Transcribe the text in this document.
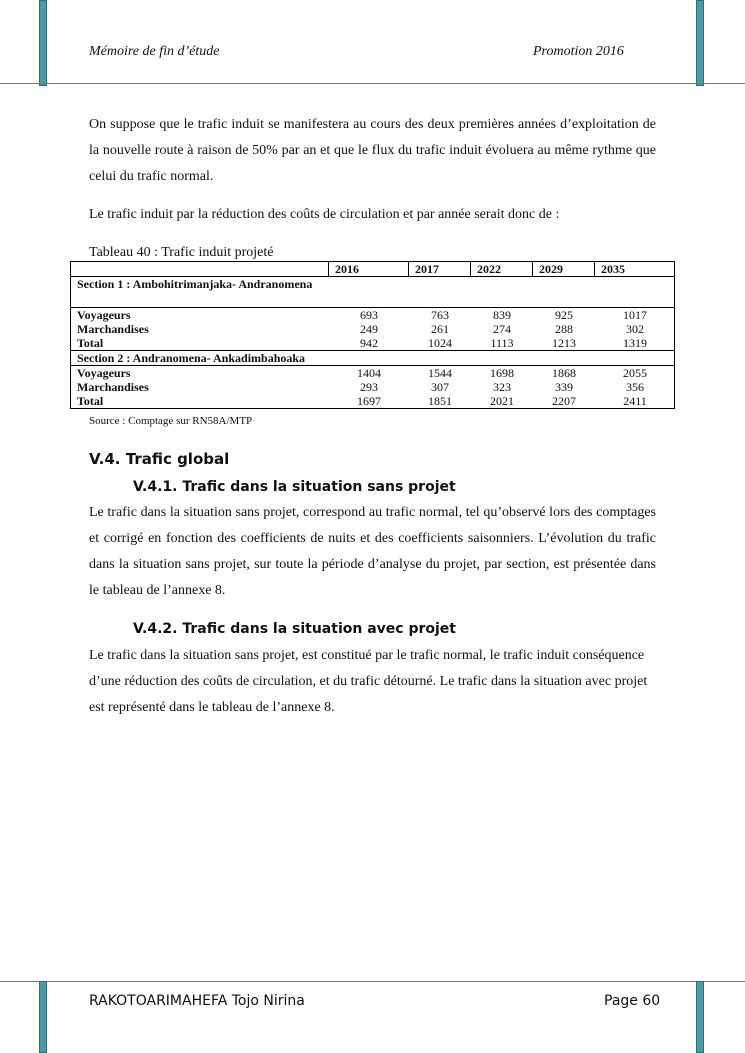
Mémoire de fin d’étude	Promotion 2016

On suppose que le trafic induit se manifestera au cours des deux premières années d’exploitation de la nouvelle route à raison de 50% par an et que le flux du trafic induit évoluera au même rythme que celui du trafic normal.

Le trafic induit par la réduction des coûts de circulation et par année serait donc de :

Tableau 40 : Trafic induit projeté
	2016	2017	2022	2029	2035
Section 1 : Ambohitrimanjaka- Andranomena

Voyageurs	693	763	839	925	1017
Marchandises	249	261	274	288	302
Total	942	1024	1113	1213	1319

Section 2 : Andranomena- Ankadimbahoaka

Voyageurs	1404	1544	1698	1868	2055
Marchandises	293	307	323	339	356
Total	1697	1851	2021	2207	2411
Source : Comptage sur RN58A/MTP
V.4. Trafic global
V.4.1. Trafic dans la situation sans projet

Le trafic dans la situation sans projet, correspond au trafic normal, tel qu’observé lors des comptages et corrigé en fonction des coefficients de nuits et des coefficients saisonniers. L’évolution du trafic dans la situation sans projet, sur toute la période d’analyse du projet, par section, est présentée dans le tableau de l’annexe 8.

V.4.2. Trafic dans la situation avec projet

Le trafic dans la situation sans projet, est constitué par le trafic normal, le trafic induit conséquence d’une réduction des coûts de circulation, et du trafic détourné. Le trafic dans la situation avec projet est représenté dans le tableau de l’annexe 8.

RAKOTOARIMAHEFA Tojo Nirina	Page 60
